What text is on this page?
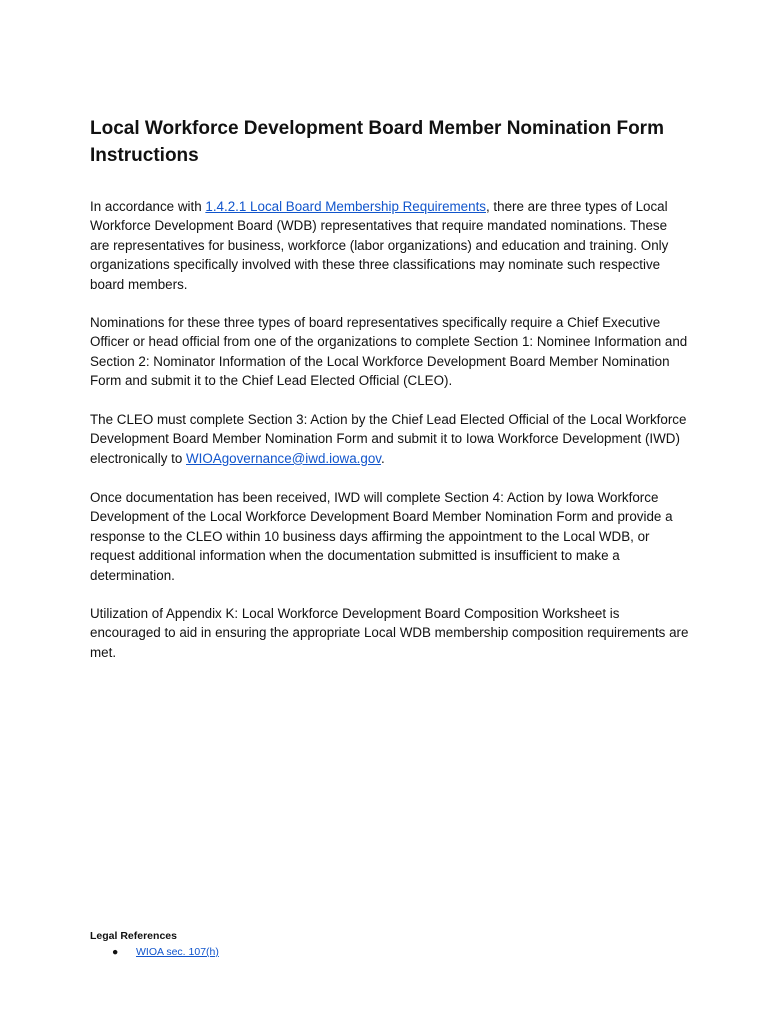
Local Workforce Development Board Member Nomination Form Instructions

In accordance with 1.4.2.1 Local Board Membership Requirements, there are three types of Local Workforce Development Board (WDB) representatives that require mandated nominations. These are representatives for business, workforce (labor organizations) and education and training. Only organizations specifically involved with these three classifications may nominate such respective board members.

Nominations for these three types of board representatives specifically require a Chief Executive Officer or head official from one of the organizations to complete Section 1: Nominee Information and Section 2: Nominator Information of the Local Workforce Development Board Member Nomination Form and submit it to the Chief Lead Elected Official (CLEO).

The CLEO must complete Section 3: Action by the Chief Lead Elected Official of the Local Workforce Development Board Member Nomination Form and submit it to Iowa Workforce Development (IWD) electronically to WIOAgovernance@iwd.iowa.gov.

Once documentation has been received, IWD will complete Section 4: Action by Iowa Workforce Development of the Local Workforce Development Board Member Nomination Form and provide a response to the CLEO within 10 business days affirming the appointment to the Local WDB, or request additional information when the documentation submitted is insufficient to make a determination.

Utilization of Appendix K: Local Workforce Development Board Composition Worksheet is encouraged to aid in ensuring the appropriate Local WDB membership composition requirements are met.

Legal References

● WIOA sec. 107(h)
